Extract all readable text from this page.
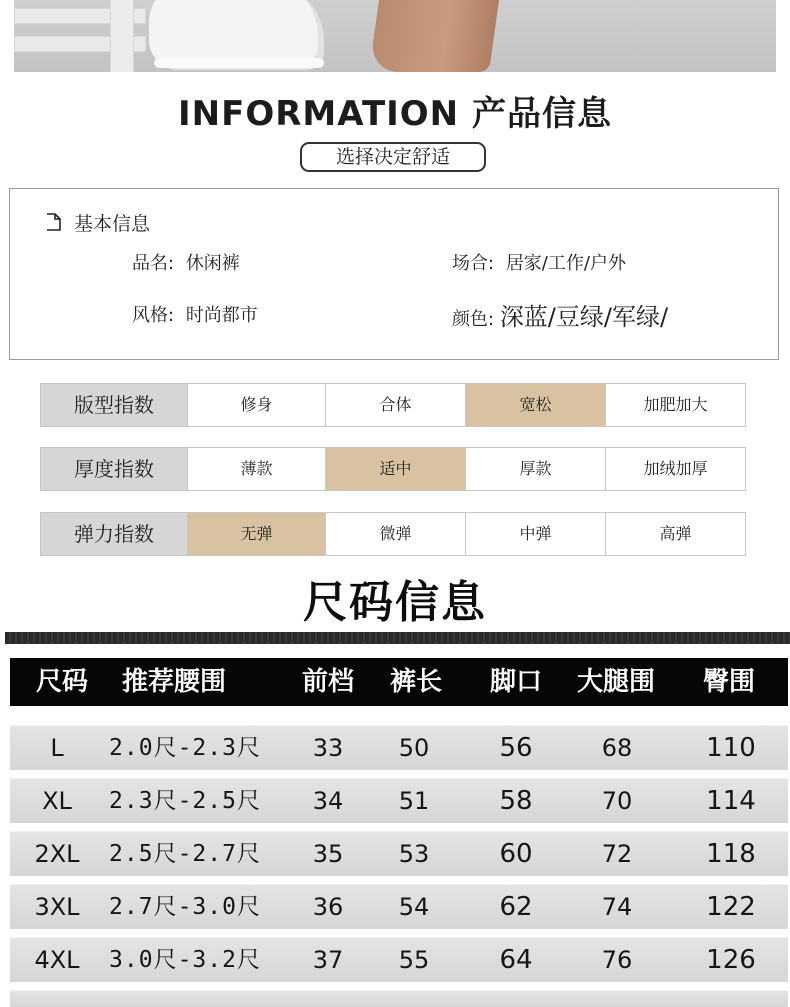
INFORMATION 产品信息
选择决定舒适
基本信息
品名: 休闲裤	场合: 居家/工作/户外
风格: 时尚都市	颜色: 深蓝/豆绿/军绿/
版型指数	修身	合体	宽松	加肥加大
厚度指数	薄款	适中	厚款	加绒加厚
弹力指数	无弹	微弹	中弹	高弹
尺码信息
尺码	推荐腰围	前档	裤长	脚口	大腿围	臀围
L	2.0尺-2.3尺	33	50	56	68	110
XL	2.3尺-2.5尺	34	51	58	70	114
2XL	2.5尺-2.7尺	35	53	60	72	118
3XL	2.7尺-3.0尺	36	54	62	74	122
4XL	3.0尺-3.2尺	37	55	64	76	126
